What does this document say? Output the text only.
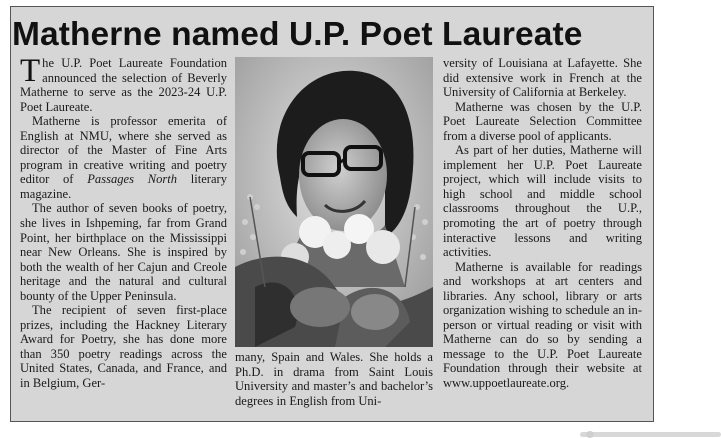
Matherne named U.P. Poet Laureate

The U.P. Poet Laureate Foundation announced the selection of Beverly Matherne to serve as the 2023-24 U.P. Poet Laureate.

Matherne is professor emerita of English at NMU, where she served as director of the Master of Fine Arts program in creative writing and poetry editor of Passages North literary magazine.

The author of seven books of poetry, she lives in Ishpeming, far from Grand Point, her birthplace on the Mississippi near New Orleans. She is inspired by both the wealth of her Cajun and Creole heritage and the natural and cultural bounty of the Upper Peninsula.

The recipient of seven first-place prizes, including the Hackney Literary Award for Poetry, she has done more than 350 poetry readings across the United States, Canada, and France, and in Belgium, Ger-

many, Spain and Wales. She holds a Ph.D. in drama from Saint Louis University and master’s and bachelor’s degrees in English from Uni-

versity of Louisiana at Lafayette. She did extensive work in French at the University of California at Berkeley.

Matherne was chosen by the U.P. Poet Laureate Selection Committee from a diverse pool of applicants.

As part of her duties, Matherne will implement her U.P. Poet Laureate project, which will include visits to high school and middle school classrooms throughout the U.P., promoting the art of poetry through interactive lessons and writing activities.

Matherne is available for readings and workshops at art centers and libraries. Any school, library or arts organization wishing to schedule an in-person or virtual reading or visit with Matherne can do so by sending a message to the U.P. Poet Laureate Foundation through their website at www.uppoetlaureate.org.
